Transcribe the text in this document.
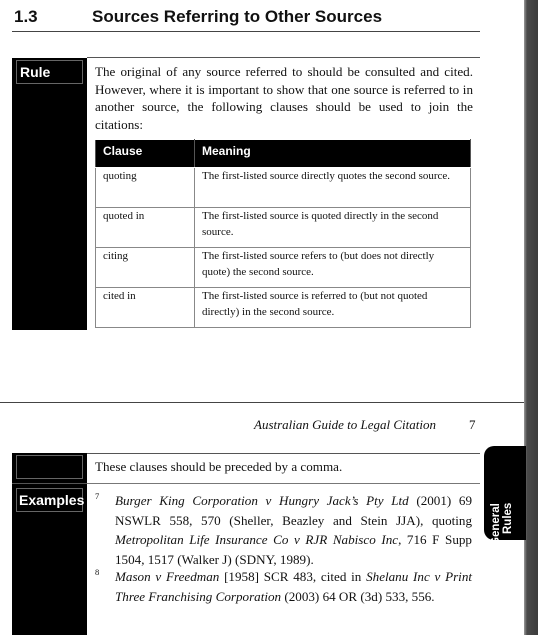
1.3	Sources Referring to Other Sources
Rule	The original of any source referred to should be consulted and cited. However, where it is important to show that one source is referred to in another source, the following clauses should be used to join the citations:
Clause	Meaning
quoting	The first-listed source directly quotes the second source.
quoted in	The first-listed source is quoted directly in the second source.
citing	The first-listed source refers to (but does not directly quote) the second source.
cited in	The first-listed source is referred to (but not quoted directly) in the second source.
Australian Guide to Legal Citation	7
These clauses should be preceded by a comma.
Examples 7 Burger King Corporation v Hungry Jack’s Pty Ltd (2001) 69 NSWLR 558, 570 (Sheller, Beazley and Stein JJA), quoting Metropolitan Life Insurance Co v RJR Nabisco Inc, 716 F Supp 1504, 1517 (Walker J) (SDNY, 1989).
8 Mason v Freedman [1958] SCR 483, cited in Shelanu Inc v Print Three Franchising Corporation (2003) 64 OR (3d) 533, 556.
General Rules
